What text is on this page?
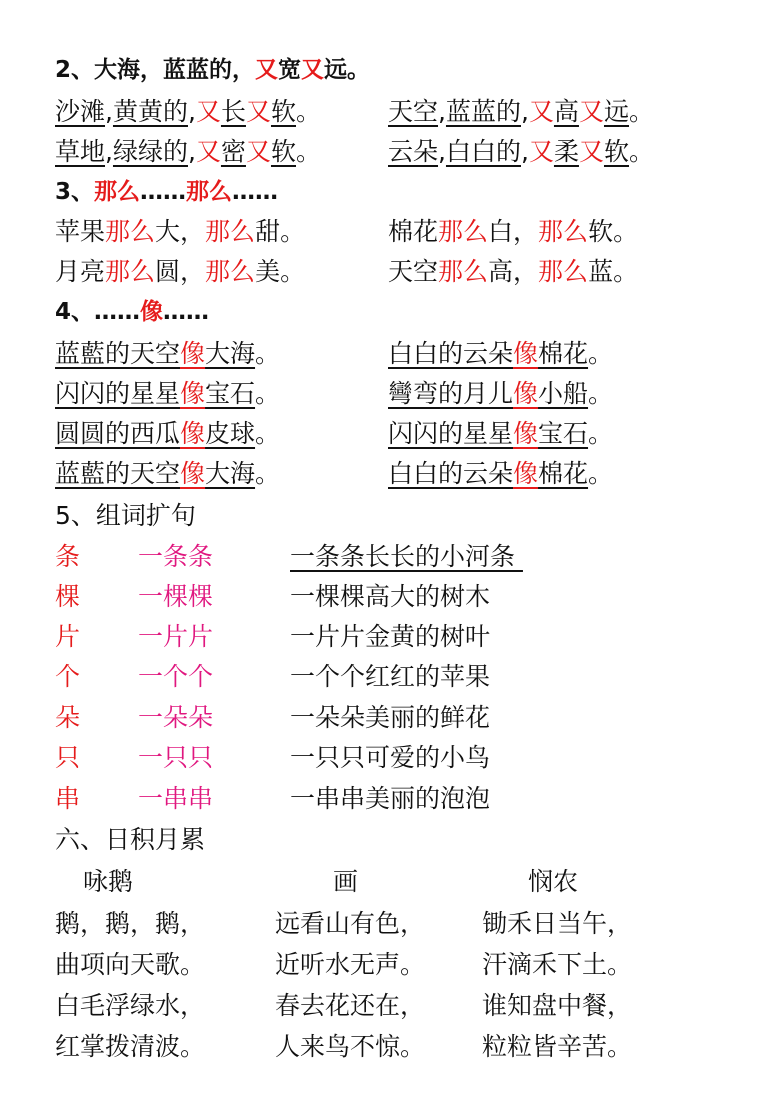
2、大海，蓝蓝的，又宽又远。
沙滩,黄黄的,又长又软。	天空,蓝蓝的,又高又远。
草地,绿绿的,又密又软。	云朵,白白的,又柔又软。
3、那么……那么……
苹果那么大，那么甜。	棉花那么白，那么软。
月亮那么圆，那么美。	天空那么高，那么蓝。
4、……像……
蓝藍的天空像大海。	白白的云朵像棉花。
闪闪的星星像宝石。	彎弯的月儿像小船。
圆圆的西瓜像皮球。	闪闪的星星像宝石。
蓝藍的天空像大海。	白白的云朵像棉花。
5、组词扩句
条 一条条	一条条长长的小河条
棵 一棵棵	一棵棵高大的树木
片 一片片	一片片金黄的树叶
个 一个个	一个个红红的苹果
朵 一朵朵	一朵朵美丽的鲜花
只 一只只	一只只可爱的小鸟
串 一串串	一串串美丽的泡泡
六、日积月累
咏鹅	画	悯农
鹅，鹅，鹅，	远看山有色， 锄禾日当午，
曲项向天歌。	近听水无声。 汗滴禾下土。
白毛浮绿水，	春去花还在， 谁知盘中餐，
红掌拨清波。	人来鸟不惊。 粒粒皆辛苦。
